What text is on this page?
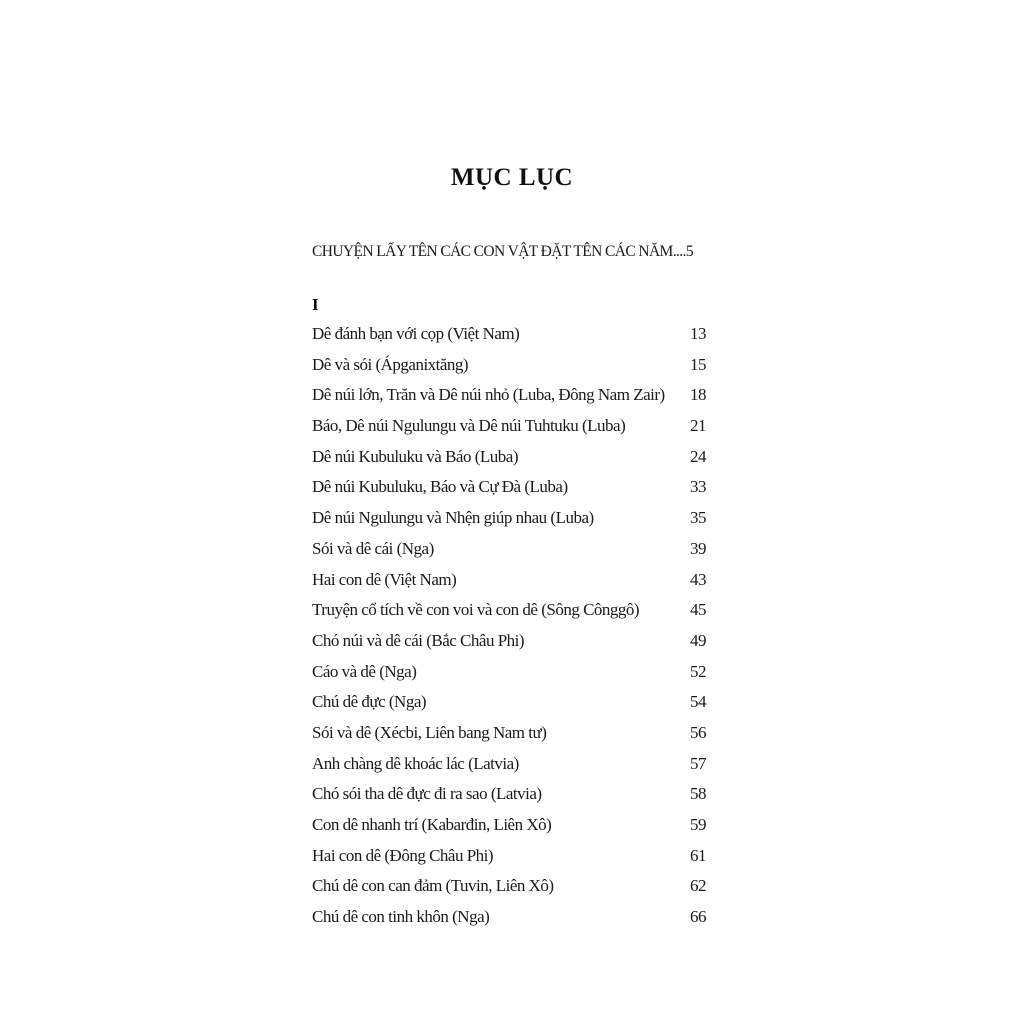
MỤC LỤC
CHUYỆN LẤY TÊN CÁC CON VẬT ĐẶT TÊN CÁC NĂM....5
I
Dê đánh bạn với cọp (Việt Nam)	13
Dê và sói (Ápganixtăng)	15
Dê núi lớn, Trăn và Dê núi nhỏ (Luba, Đông Nam Zair)	18
Báo, Dê núi Ngulungu và Dê núi Tuhtuku (Luba)	21
Dê núi Kubuluku và Báo (Luba)	24
Dê núi Kubuluku, Báo và Cự Đà (Luba)	33
Dê núi Ngulungu và Nhện giúp nhau (Luba)	35
Sói và dê cái (Nga)	39
Hai con dê (Việt Nam)	43
Truyện cổ tích về con voi và con dê (Sông Cônggô)	45
Chó núi và dê cái (Bắc Châu Phi)	49
Cáo và dê (Nga)	52
Chú dê đực (Nga)	54
Sói và dê (Xécbi, Liên bang Nam tư)	56
Anh chàng dê khoác lác (Latvia)	57
Chó sói tha dê đực đi ra sao (Latvia)	58
Con dê nhanh trí (Kabarđin, Liên Xô)	59
Hai con dê (Đông Châu Phi)	61
Chú dê con can đảm (Tuvin, Liên Xô)	62
Chú dê con tinh khôn (Nga)	66
